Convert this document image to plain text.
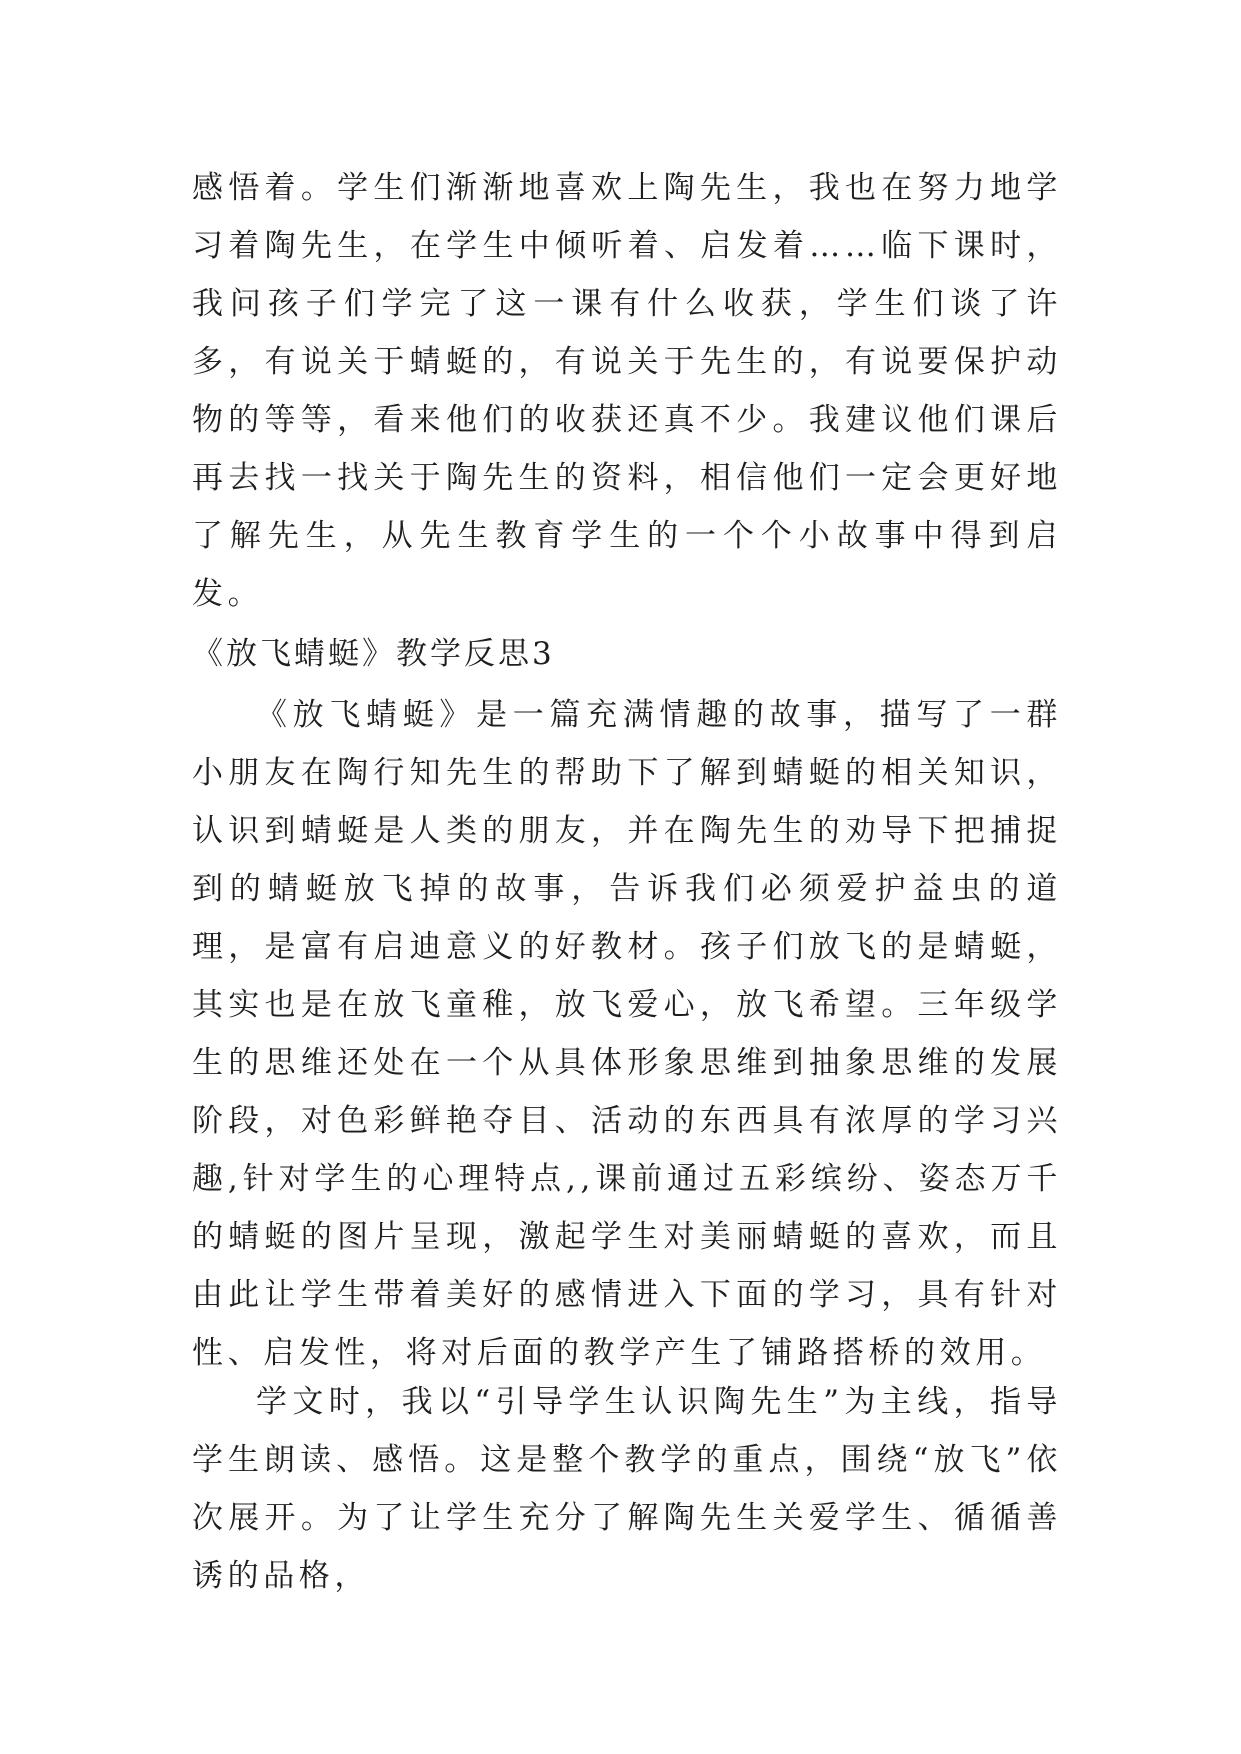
感悟着。学生们渐渐地喜欢上陶先生，我也在努力地学习着陶先生，在学生中倾听着、启发着……临下课时，我问孩子们学完了这一课有什么收获，学生们谈了许多，有说关于蜻蜓的，有说关于先生的，有说要保护动物的等等，看来他们的收获还真不少。我建议他们课后再去找一找关于陶先生的资料，相信他们一定会更好地了解先生，从先生教育学生的一个个小故事中得到启发。

《放飞蜻蜓》教学反思3

《放飞蜻蜓》是一篇充满情趣的故事，描写了一群小朋友在陶行知先生的帮助下了解到蜻蜓的相关知识，认识到蜻蜓是人类的朋友，并在陶先生的劝导下把捕捉到的蜻蜓放飞掉的故事，告诉我们必须爱护益虫的道理，是富有启迪意义的好教材。孩子们放飞的是蜻蜓，其实也是在放飞童稚，放飞爱心，放飞希望。三年级学生的思维还处在一个从具体形象思维到抽象思维的发展阶段，对色彩鲜艳夺目、活动的东西具有浓厚的学习兴趣,针对学生的心理特点,,课前通过五彩缤纷、姿态万千的蜻蜓的图片呈现，激起学生对美丽蜻蜓的喜欢，而且由此让学生带着美好的感情进入下面的学习，具有针对性、启发性，将对后面的教学产生了铺路搭桥的效用。

学文时，我以“引导学生认识陶先生”为主线，指导学生朗读、感悟。这是整个教学的重点，围绕“放飞”依次展开。为了让学生充分了解陶先生关爱学生、循循善诱的品格，
